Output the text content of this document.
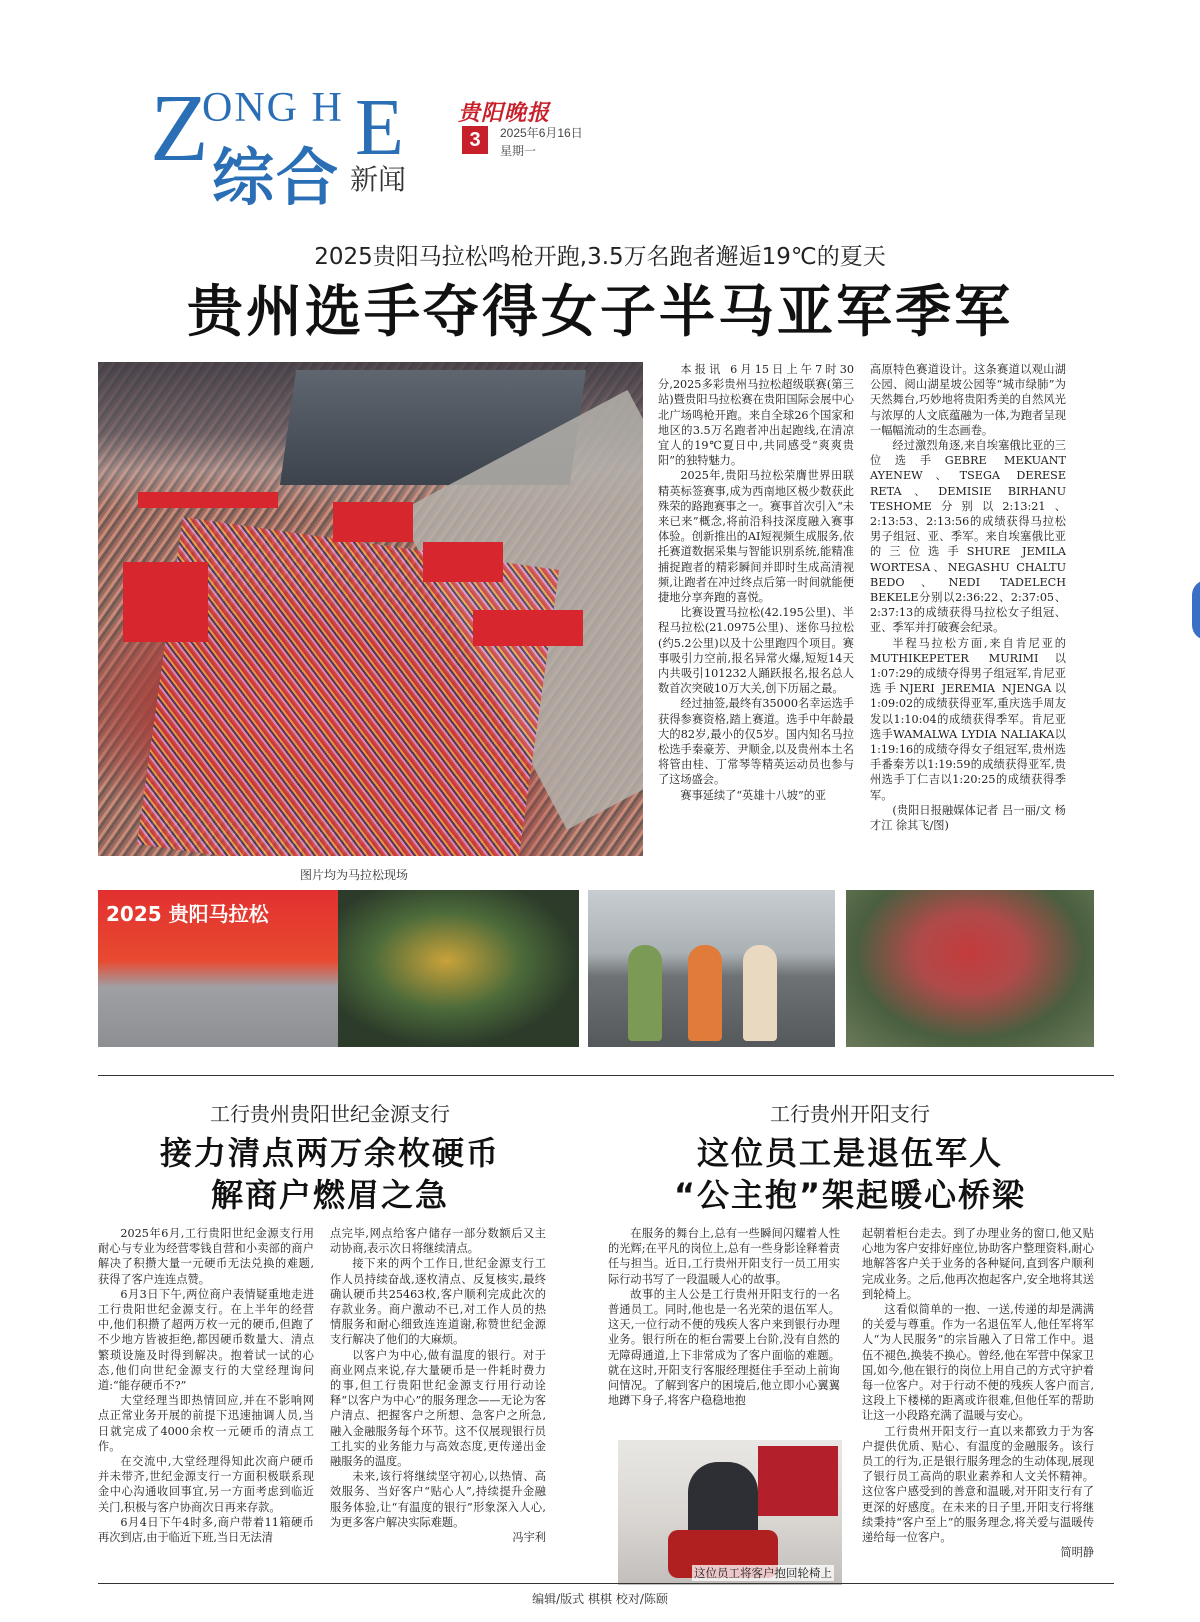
Z
ONG H E
综合 新闻
贵阳晚报
3	2025年6月16日
星期一
2025贵阳马拉松鸣枪开跑,3.5万名跑者邂逅19℃的夏天
贵州选手夺得女子半马亚军季军
图片均为马拉松现场

本报讯 6月15日上午7时30分,2025多彩贵州马拉松超级联赛(第三站)暨贵阳马拉松赛在贵阳国际会展中心北广场鸣枪开跑。来自全球26个国家和地区的3.5万名跑者冲出起跑线,在清凉宜人的19℃夏日中,共同感受“爽爽贵阳”的独特魅力。

2025年,贵阳马拉松荣膺世界田联精英标签赛事,成为西南地区极少数获此殊荣的路跑赛事之一。赛事首次引入“未来已来”概念,将前沿科技深度融入赛事体验。创新推出的AI短视频生成服务,依托赛道数据采集与智能识别系统,能精准捕捉跑者的精彩瞬间并即时生成高清视频,让跑者在冲过终点后第一时间就能便捷地分享奔跑的喜悦。

比赛设置马拉松(42.195公里)、半程马拉松(21.0975公里)、迷你马拉松(约5.2公里)以及十公里跑四个项目。赛事吸引力空前,报名异常火爆,短短14天内共吸引101232人踊跃报名,报名总人数首次突破10万大关,创下历届之最。

经过抽签,最终有35000名幸运选手获得参赛资格,踏上赛道。选手中年龄最大的82岁,最小的仅5岁。国内知名马拉松选手秦豪芳、尹顺金,以及贵州本土名将管由桂、丁常琴等精英运动员也参与了这场盛会。

赛事延续了“英雄十八坡”的亚

高原特色赛道设计。这条赛道以观山湖公园、阅山湖星坡公园等“城市绿肺”为天然舞台,巧妙地将贵阳秀美的自然风光与浓厚的人文底蕴融为一体,为跑者呈现一幅幅流动的生态画卷。

经过激烈角逐,来自埃塞俄比亚的三位选手GEBRE MEKUANT AYENEW、TSEGA DERESE RETA、DEMISIE BIRHANU TESHOME分别以2:13:21、2:13:53、2:13:56的成绩获得马拉松男子组冠、亚、季军。来自埃塞俄比亚的三位选手SHURE JEMILA WORTESA、NEGASHU CHALTU BEDO、NEDI TADELECH BEKELE分别以2:36:22、2:37:05、2:37:13的成绩获得马拉松女子组冠、亚、季军并打破赛会纪录。

半程马拉松方面,来自肯尼亚的MUTHIKEPETER MURIMI以1:07:29的成绩夺得男子组冠军,肯尼亚选手NJERI JEREMIA NJENGA以1:09:02的成绩获得亚军,重庆选手周友发以1:10:04的成绩获得季军。肯尼亚选手WAMALWA LYDIA NALIAKA以1:19:16的成绩夺得女子组冠军,贵州选手番秦芳以1:19:59的成绩获得亚军,贵州选手丁仁吉以1:20:25的成绩获得季军。

(贵阳日报融媒体记者 吕一丽/文 杨才江 徐其飞/图)

2025 贵阳马拉松
工行贵州贵阳世纪金源支行
接力清点两万余枚硬币
解商户燃眉之急

2025年6月,工行贵阳世纪金源支行用耐心与专业为经营零钱自营和小卖部的商户解决了积攒大量一元硬币无法兑换的难题,获得了客户连连点赞。

6月3日下午,两位商户表情疑重地走进工行贵阳世纪金源支行。在上半年的经营中,他们积攒了超两万枚一元的硬币,但跑了不少地方皆被拒绝,都因硬币数量大、清点繁琐设施及时得到解决。抱着试一试的心态,他们向世纪金源支行的大堂经理询问道:“能存硬币不?”

大堂经理当即热情回应,并在不影响网点正常业务开展的前提下迅速抽调人员,当日就完成了4000余枚一元硬币的清点工作。

在交流中,大堂经理得知此次商户硬币并未带齐,世纪金源支行一方面积极联系现金中心沟通收回事宜,另一方面考虑到临近关门,积极与客户协商次日再来存款。

6月4日下午4时多,商户带着11箱硬币再次到店,由于临近下班,当日无法清

点完毕,网点给客户储存一部分数额后又主动协商,表示次日将继续清点。

接下来的两个工作日,世纪金源支行工作人员持续奋战,逐枚清点、反复核实,最终确认硬币共25463枚,客户顺利完成此次的存款业务。商户激动不已,对工作人员的热情服务和耐心细致连连道谢,称赞世纪金源支行解决了他们的大麻烦。

以客户为中心,做有温度的银行。对于商业网点来说,存大量硬币是一件耗时费力的事,但工行贵阳世纪金源支行用行动诠释“以客户为中心”的服务理念——无论为客户清点、把握客户之所想、急客户之所急,融入金融服务每个环节。这不仅展现银行员工扎实的业务能力与高效态度,更传递出金融服务的温度。

未来,该行将继续坚守初心,以热情、高效服务、当好客户“贴心人”,持续提升金融服务体验,让“有温度的银行”形象深入人心,为更多客户解决实际难题。

冯宇利

工行贵州开阳支行
这位员工是退伍军人
“公主抱”架起暖心桥梁

在服务的舞台上,总有一些瞬间闪耀着人性的光辉;在平凡的岗位上,总有一些身影诠释着责任与担当。近日,工行贵州开阳支行一员工用实际行动书写了一段温暖人心的故事。

故事的主人公是工行贵州开阳支行的一名普通员工。同时,他也是一名光荣的退伍军人。这天,一位行动不便的残疾人客户来到银行办理业务。银行所在的柜台需要上台阶,没有自然的无障碍通道,上下非常成为了客户面临的难题。就在这时,开阳支行客服经理挺住手至动上前询问情况。了解到客户的困境后,他立即小心翼翼地蹲下身子,将客户稳稳地抱

这位员工将客户抱回轮椅上

起朝着柜台走去。到了办理业务的窗口,他又贴心地为客户安排好座位,协助客户整理资料,耐心地解答客户关于业务的各种疑问,直到客户顺利完成业务。之后,他再次抱起客户,安全地将其送到轮椅上。

这看似简单的一抱、一送,传递的却是满满的关爱与尊重。作为一名退伍军人,他任军将军人“为人民服务”的宗旨融入了日常工作中。退伍不褪色,换装不换心。曾经,他在军营中保家卫国,如今,他在银行的岗位上用自己的方式守护着每一位客户。对于行动不便的残疾人客户而言,这段上下楼梯的距离或许很难,但他任军的帮助让这一小段路充满了温暖与安心。

工行贵州开阳支行一直以来都致力于为客户提供优质、贴心、有温度的金融服务。该行员工的行为,正是银行服务理念的生动体现,展现了银行员工高尚的职业素养和人文关怀精神。这位客户感受到的善意和温暖,对开阳支行有了更深的好感度。在未来的日子里,开阳支行将继续秉持“客户至上”的服务理念,将关爱与温暖传递给每一位客户。

简明静

编辑/版式 棋棋 校对/陈颐
